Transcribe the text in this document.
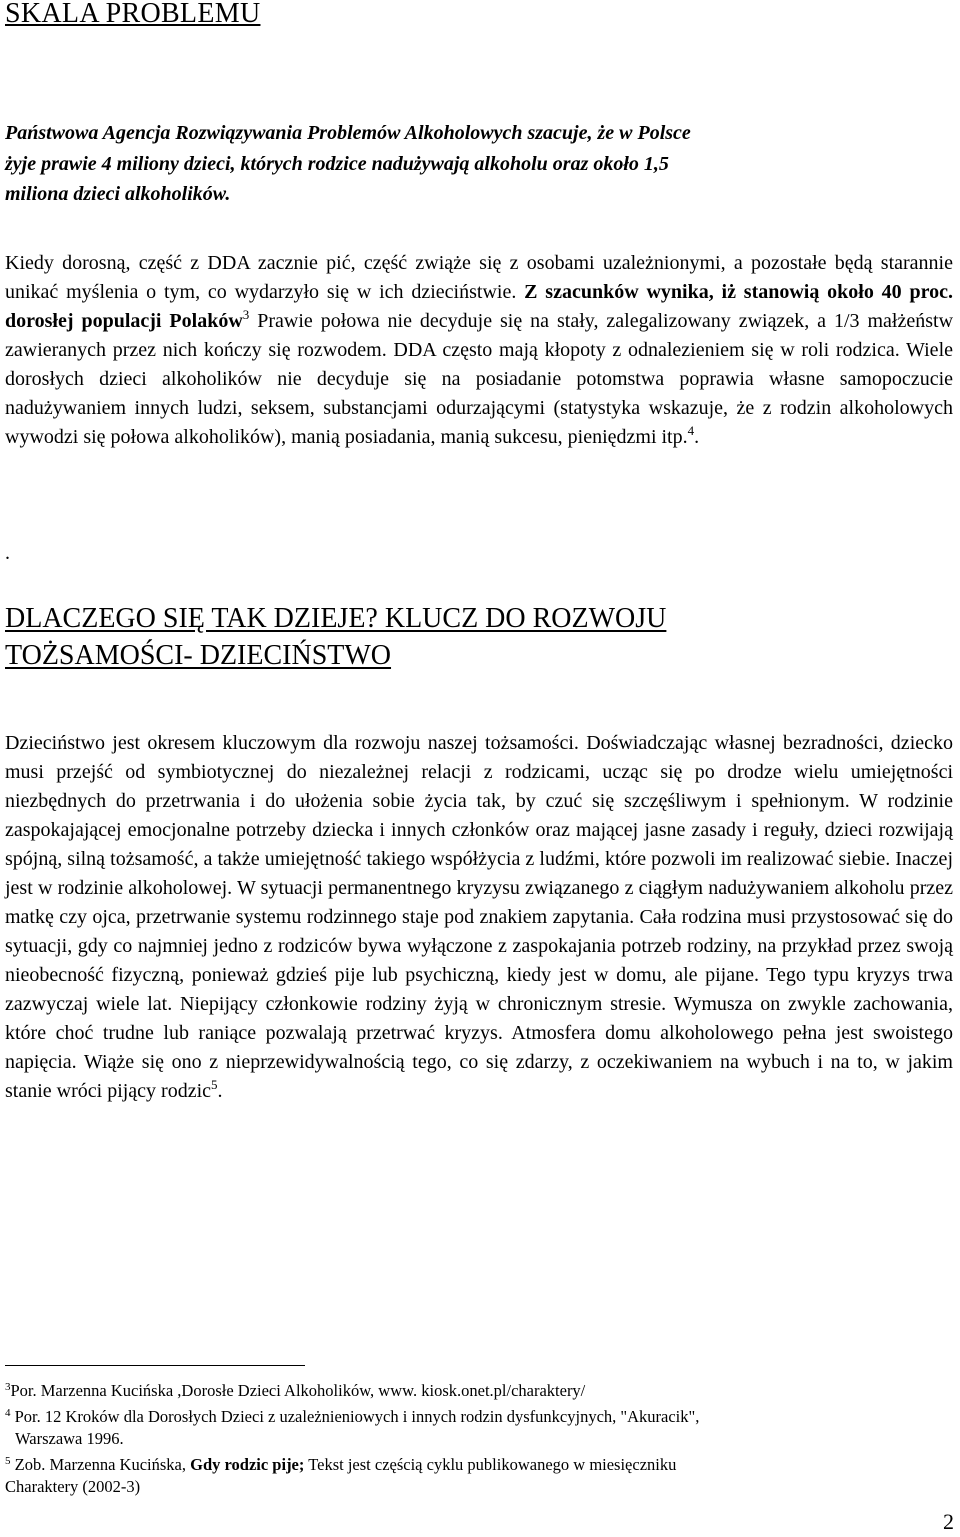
SKALA PROBLEMU
Państwowa Agencja Rozwiązywania Problemów Alkoholowych szacuje, że w Polsce
żyje prawie 4 miliony dzieci, których rodzice nadużywają alkoholu oraz około 1,5
miliona dzieci alkoholików.
Kiedy dorosną, część z DDA zacznie pić, część zwiąże się z osobami uzależnionymi, a pozostałe będą starannie unikać myślenia o tym, co wydarzyło się w ich dzieciństwie. Z szacunków wynika, iż stanowią około 40 proc. dorosłej populacji Polaków$^3$ Prawie połowa nie decyduje się na stały, zalegalizowany związek, a 1/3 małżeństw zawieranych przez nich kończy się rozwodem. DDA często mają kłopoty z odnalezieniem się w roli rodzica. Wiele dorosłych dzieci alkoholików nie decyduje się na posiadanie potomstwa poprawia własne samopoczucie nadużywaniem innych ludzi, seksem, substancjami odurzającymi (statystyka wskazuje, że z rodzin alkoholowych wywodzi się połowa alkoholików), manią posiadania, manią sukcesu, pieniędzmi itp.$^4$.
.
DLACZEGO SIĘ TAK DZIEJE? KLUCZ DO ROZWOJU
TOŻSAMOŚCI- DZIECIŃSTWO
Dzieciństwo jest okresem kluczowym dla rozwoju naszej tożsamości. Doświadczając własnej bezradności, dziecko musi przejść od symbiotycznej do niezależnej relacji z rodzicami, ucząc się po drodze wielu umiejętności niezbędnych do przetrwania i do ułożenia sobie życia tak, by czuć się szczęśliwym i spełnionym. W rodzinie zaspokajającej emocjonalne potrzeby dziecka i innych członków oraz mającej jasne zasady i reguły, dzieci rozwijają spójną, silną tożsamość, a także umiejętność takiego współżycia z ludźmi, które pozwoli im realizować siebie. Inaczej jest w rodzinie alkoholowej. W sytuacji permanentnego kryzysu związanego z ciągłym nadużywaniem alkoholu przez matkę czy ojca, przetrwanie systemu rodzinnego staje pod znakiem zapytania. Cała rodzina musi przystosować się do sytuacji, gdy co najmniej jedno z rodziców bywa wyłączone z zaspokajania potrzeb rodziny, na przykład przez swoją nieobecność fizyczną, ponieważ gdzieś pije lub psychiczną, kiedy jest w domu, ale pijane. Tego typu kryzys trwa zazwyczaj wiele lat. Niepijący członkowie rodziny żyją w chronicznym stresie. Wymusza on zwykle zachowania, które choć trudne lub raniące pozwalają przetrwać kryzys. Atmosfera domu alkoholowego pełna jest swoistego napięcia. Wiąże się ono z nieprzewidywalnością tego, co się zdarzy, z oczekiwaniem na wybuch i na to, w jakim stanie wróci pijący rodzic$^5$.
$^3$Por. Marzenna Kucińska ,Dorosłe Dzieci Alkoholików, www. kiosk.onet.pl/charaktery/
$^4$ Por. 12 Kroków dla Dorosłych Dzieci z uzależnieniowych i innych rodzin dysfunkcyjnych, "Akuracik",
Warszawa 1996.
$^5$ Zob. Marzenna Kucińska, Gdy rodzic pije; Tekst jest częścią cyklu publikowanego w miesięczniku
Charaktery (2002-3)
2
